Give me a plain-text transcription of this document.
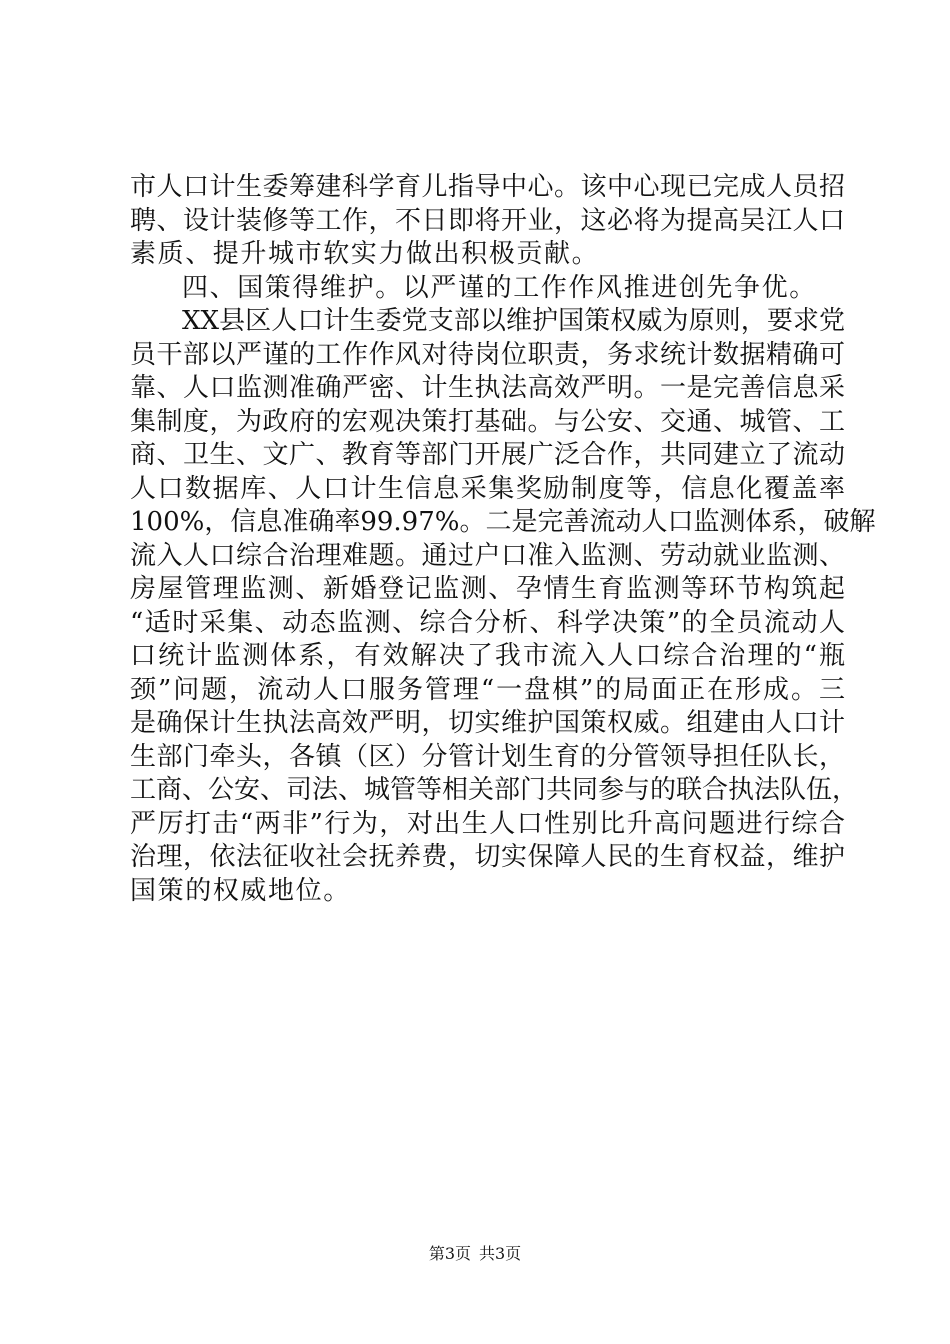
市人口计生委筹建科学育儿指导中心。该中心现已完成人员招
聘、设计装修等工作，不日即将开业，这必将为提高吴江人口
素质、提升城市软实力做出积极贡献。
四、国策得维护。以严谨的工作作风推进创先争优。
XX县区人口计生委党支部以维护国策权威为原则，要求党
员干部以严谨的工作作风对待岗位职责，务求统计数据精确可
靠、人口监测准确严密、计生执法高效严明。一是完善信息采
集制度，为政府的宏观决策打基础。与公安、交通、城管、工
商、卫生、文广、教育等部门开展广泛合作，共同建立了流动
人口数据库、人口计生信息采集奖励制度等，信息化覆盖率
100%，信息准确率99.97%。二是完善流动人口监测体系，破解
流入人口综合治理难题。通过户口准入监测、劳动就业监测、
房屋管理监测、新婚登记监测、孕情生育监测等环节构筑起
“适时采集、动态监测、综合分析、科学决策”的全员流动人
口统计监测体系，有效解决了我市流入人口综合治理的“瓶
颈”问题，流动人口服务管理“一盘棋”的局面正在形成。三
是确保计生执法高效严明，切实维护国策权威。组建由人口计
生部门牵头，各镇（区）分管计划生育的分管领导担任队长，
工商、公安、司法、城管等相关部门共同参与的联合执法队伍，
严厉打击“两非”行为，对出生人口性别比升高问题进行综合
治理，依法征收社会抚养费，切实保障人民的生育权益，维护
国策的权威地位。
第3页 共3页
